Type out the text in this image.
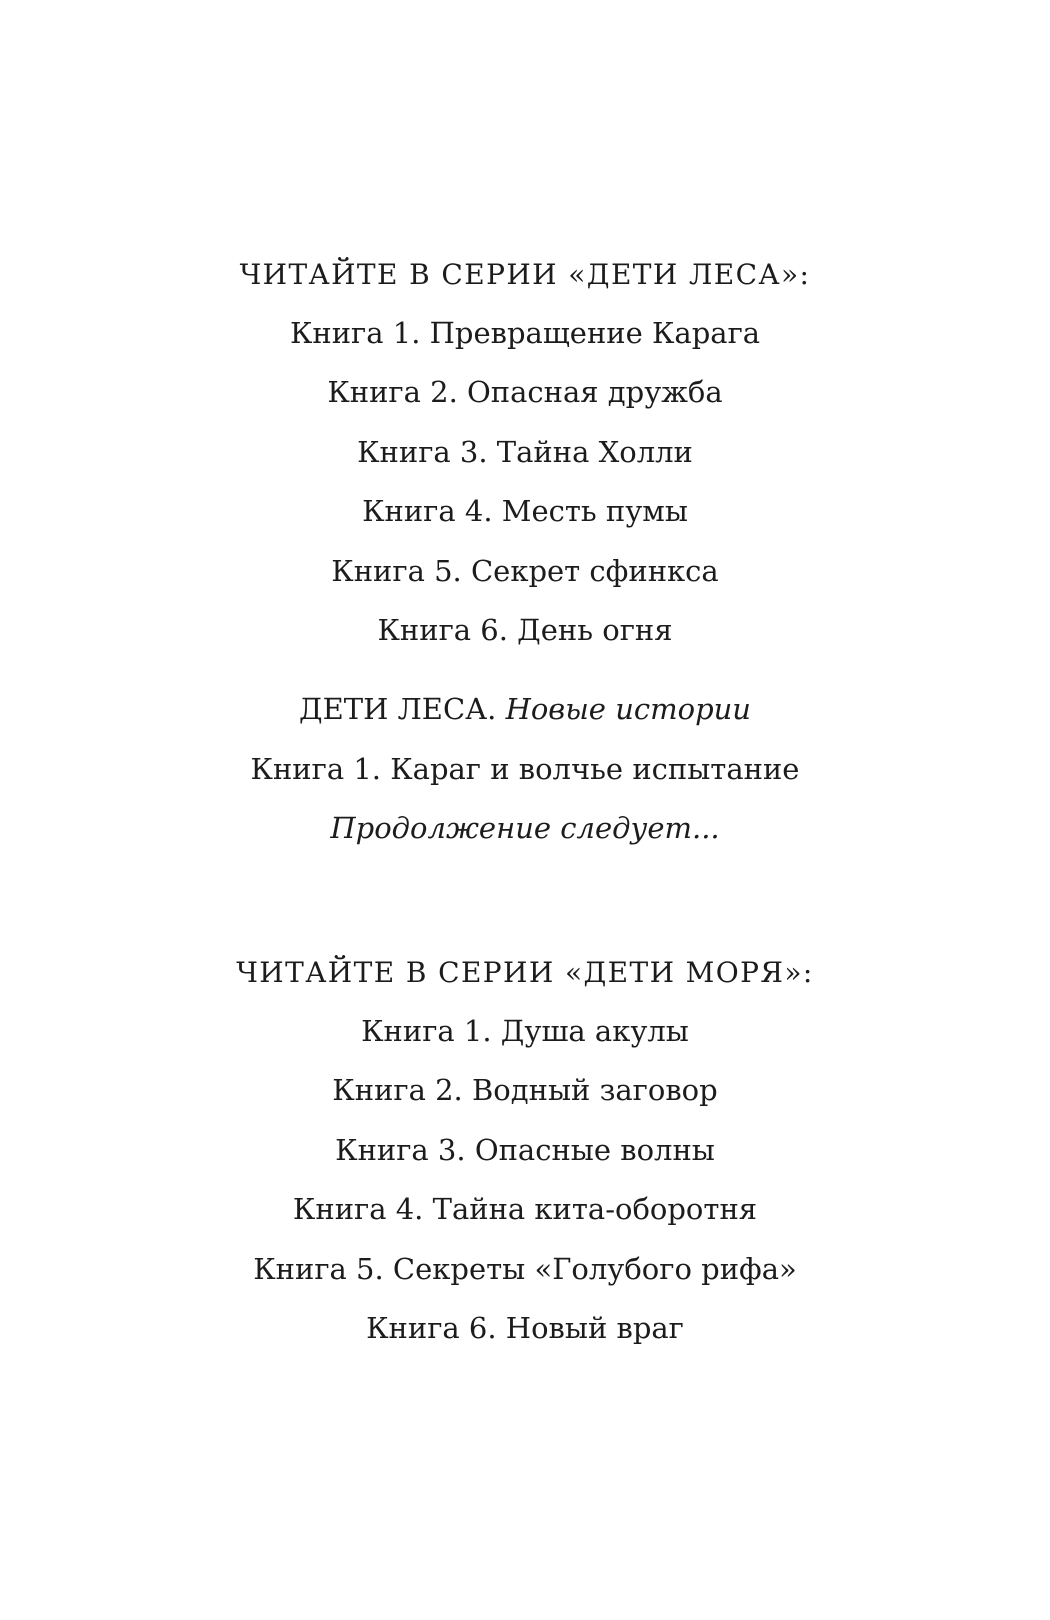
ЧИТАЙТЕ В СЕРИИ «ДЕТИ ЛЕСА»:
Книга 1. Превращение Карага
Книга 2. Опасная дружба
Книга 3. Тайна Холли
Книга 4. Месть пумы
Книга 5. Секрет сфинкса
Книга 6. День огня
ДЕТИ ЛЕСА. Новые истории
Книга 1. Караг и волчье испытание
Продолжение следует...
ЧИТАЙТЕ В СЕРИИ «ДЕТИ МОРЯ»:
Книга 1. Душа акулы
Книга 2. Водный заговор
Книга 3. Опасные волны
Книга 4. Тайна кита-оборотня
Книга 5. Секреты «Голубого рифа»
Книга 6. Новый враг
